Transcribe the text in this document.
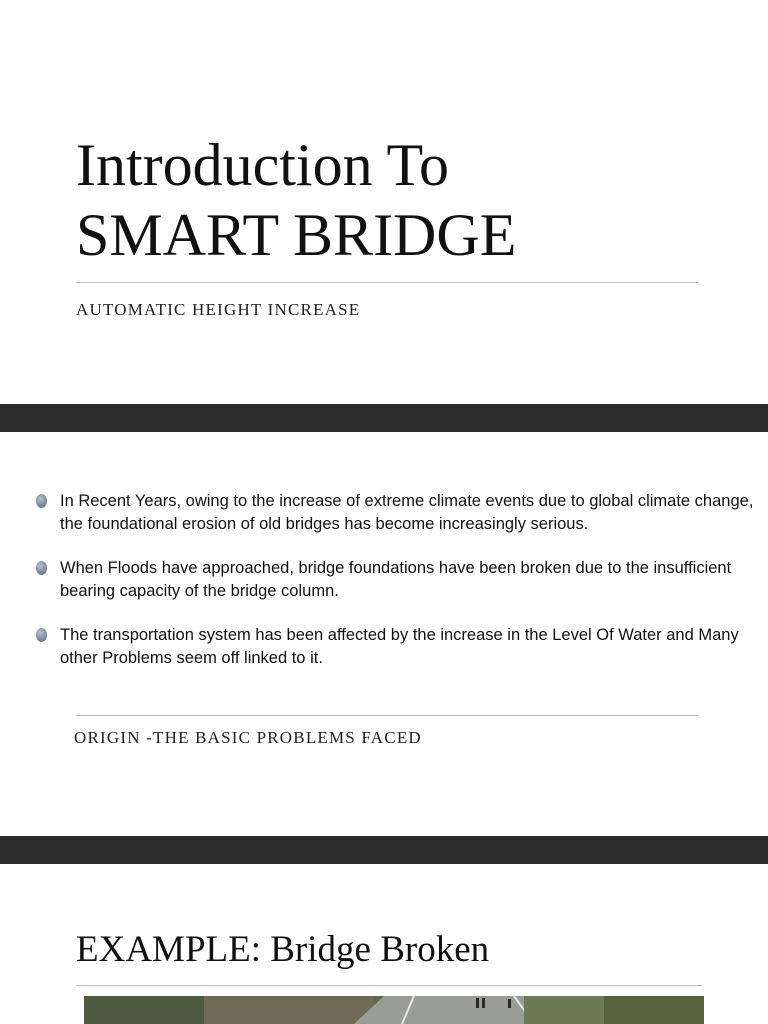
Introduction To
SMART BRIDGE
AUTOMATIC HEIGHT INCREASE
In Recent Years, owing to the increase of extreme climate events due to global climate change, the foundational erosion of old bridges has become increasingly serious.
When Floods have approached, bridge foundations have been broken due to the insufficient bearing capacity of the bridge column.
The transportation system has been affected by the increase in the Level Of Water and Many other Problems seem off linked to it.
ORIGIN -THE BASIC PROBLEMS FACED
EXAMPLE: Bridge Broken
